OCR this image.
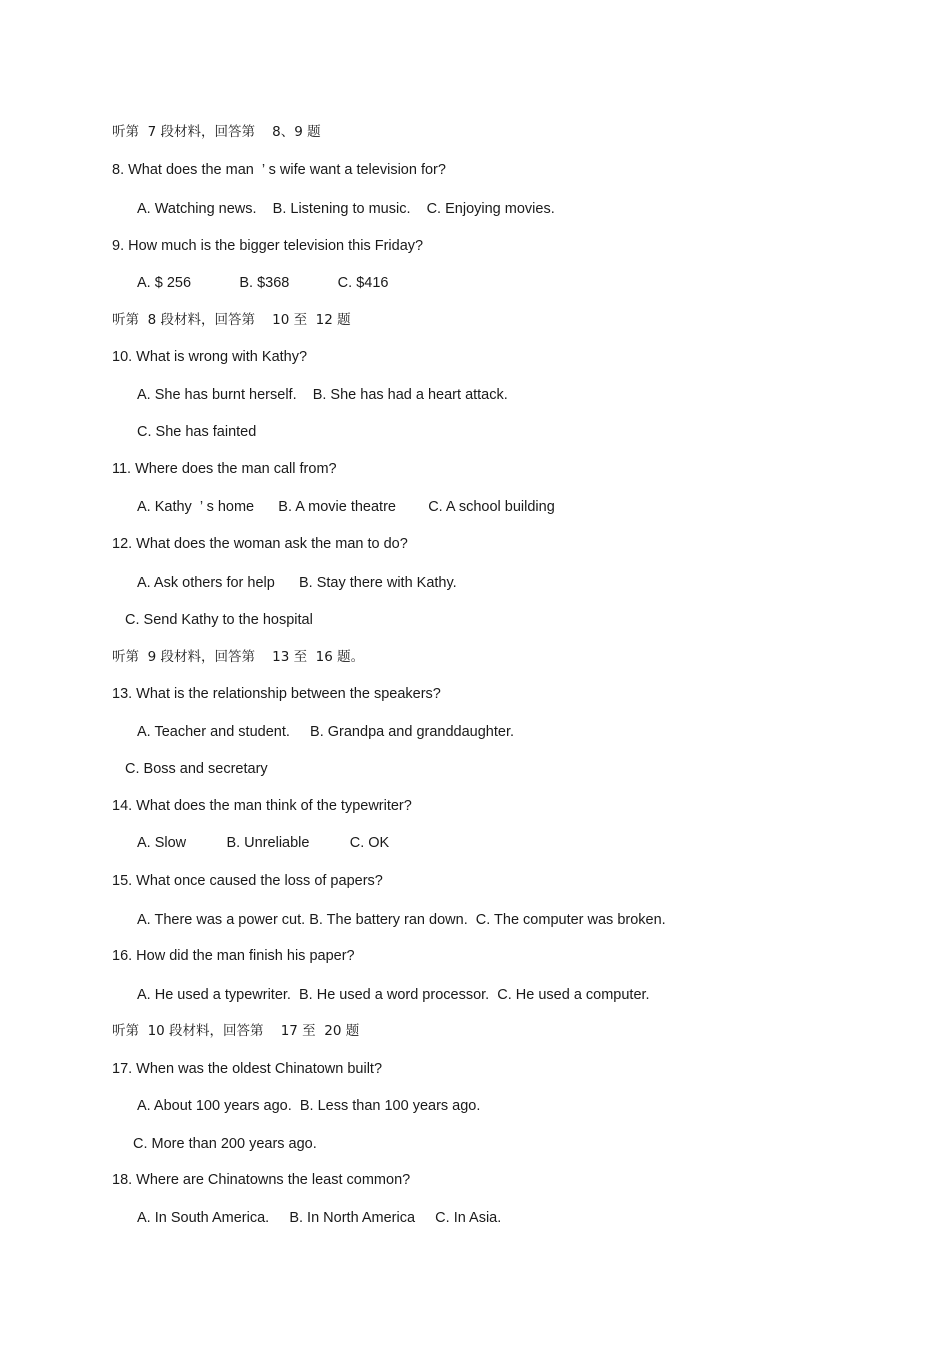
听第  7 段材料，回答第    8、9 题
8. What does the man  ’ s wife want a television for?
A. Watching news.    B. Listening to music.    C. Enjoying movies.
9. How much is the bigger television this Friday?
A. $ 256            B. $368            C. $416
听第  8 段材料，回答第    10 至  12 题
10. What is wrong with Kathy?
A. She has burnt herself.    B. She has had a heart attack.
C. She has fainted
11. Where does the man call from?
A. Kathy  ’ s home      B. A movie theatre        C. A school building
12. What does the woman ask the man to do?
A. Ask others for help      B. Stay there with Kathy.
C. Send Kathy to the hospital
听第  9 段材料，回答第    13 至  16 题。
13. What is the relationship between the speakers?
A. Teacher and student.     B. Grandpa and granddaughter.
C. Boss and secretary
14. What does the man think of the typewriter?
A. Slow          B. Unreliable          C. OK
15. What once caused the loss of papers?
A. There was a power cut. B. The battery ran down.  C. The computer was broken.
16. How did the man finish his paper?
A. He used a typewriter.  B. He used a word processor.  C. He used a computer.
听第  10 段材料，回答第    17 至  20 题
17. When was the oldest Chinatown built?
A. About 100 years ago.  B. Less than 100 years ago.
C. More than 200 years ago.
18. Where are Chinatowns the least common?
A. In South America.     B. In North America     C. In Asia.
